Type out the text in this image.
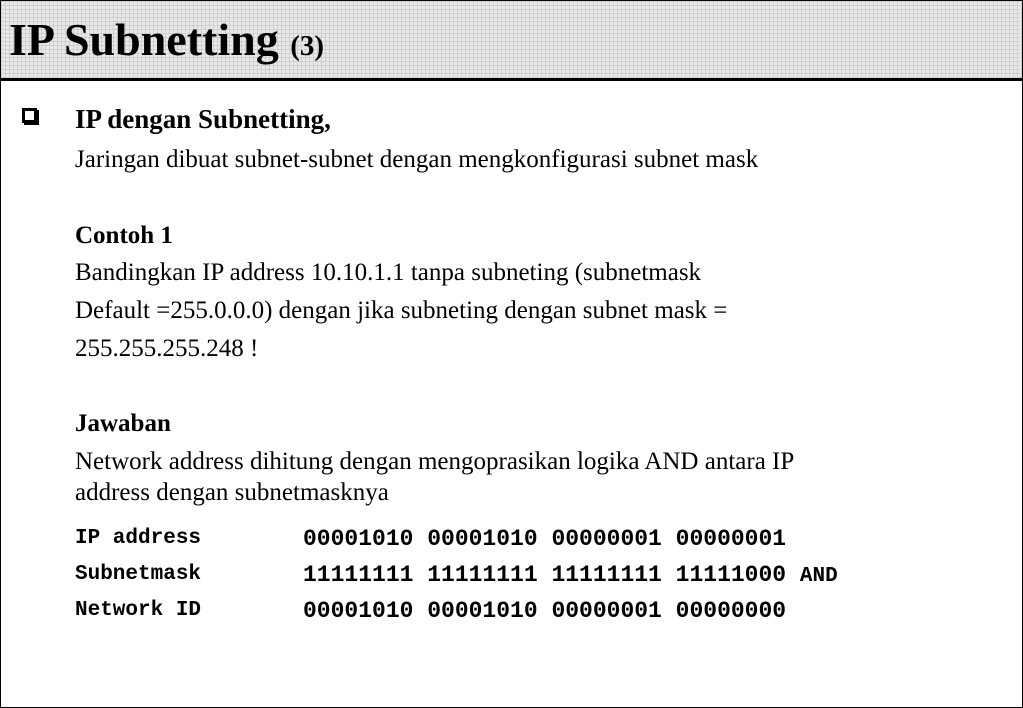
IP Subnetting (3)
IP dengan Subnetting,
Jaringan dibuat subnet-subnet dengan mengkonfigurasi subnet mask
Contoh 1
Bandingkan IP address 10.10.1.1 tanpa subneting (subnetmask
Default =255.0.0.0) dengan jika subneting dengan subnet mask =
255.255.255.248 !
Jawaban
Network address dihitung dengan mengoprasikan logika AND antara IP
address dengan subnetmasknya
IP address	00001010 00001010 00000001 00000001
Subnetmask	11111111 11111111 11111111 11111000 AND
Network ID	00001010 00001010 00000001 00000000
